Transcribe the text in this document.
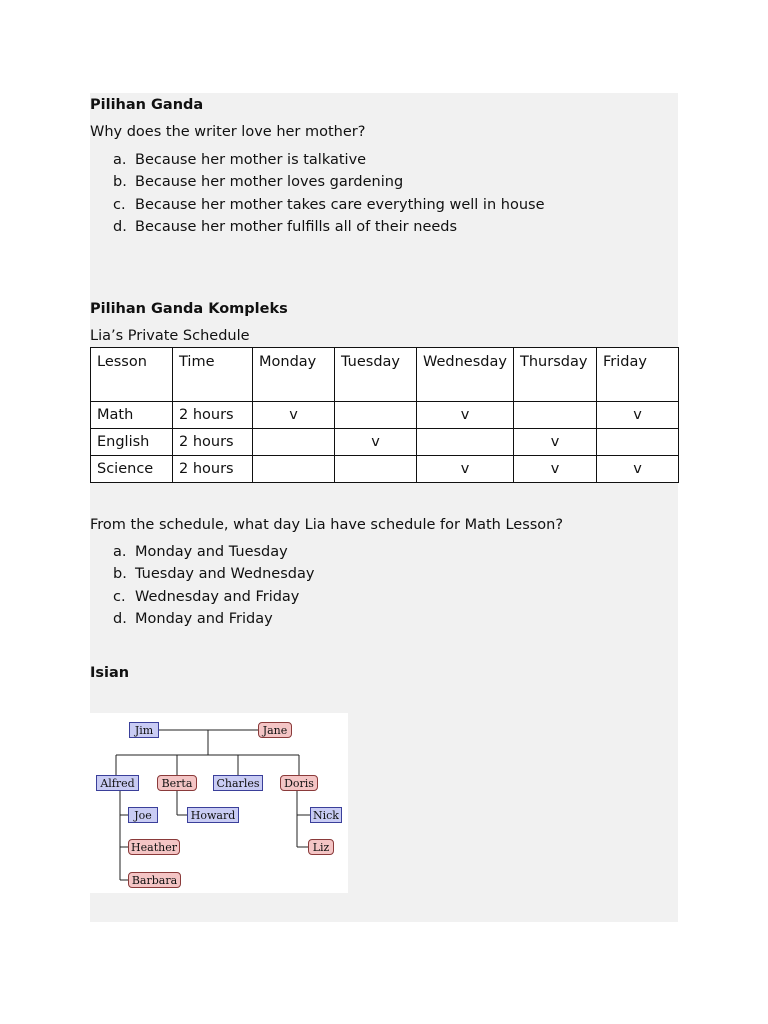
Pilihan Ganda
Why does the writer love her mother?
a. Because her mother is talkative
b. Because her mother loves gardening
c. Because her mother takes care everything well in house
d. Because her mother fulfills all of their needs
Pilihan Ganda Kompleks
Lia’s Private Schedule
Lesson	Time	Monday	Tuesday	Wednesday	Thursday	Friday
Math	2 hours	v		v		v
English	2 hours		v		v	
Science	2 hours			v	v	v
From the schedule, what day Lia have schedule for Math Lesson?
a. Monday and Tuesday
b. Tuesday and Wednesday
c. Wednesday and Friday
d. Monday and Friday
Isian
Jim	Jane
Alfred	Berta	Charles	Doris
Joe
Heather
Barbara
Howard	Nick
Liz
